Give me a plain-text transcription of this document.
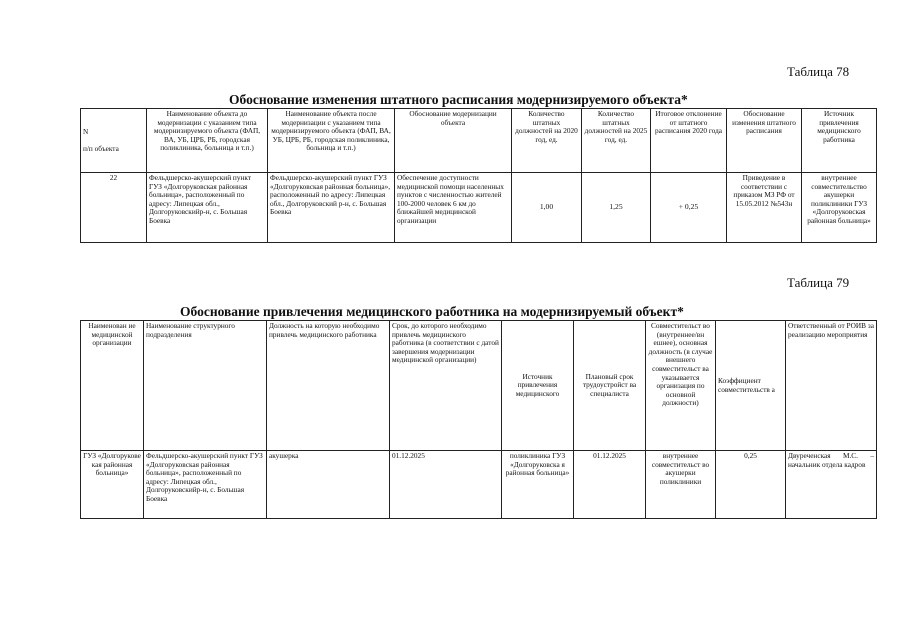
Таблица 78
Обоснование изменения штатного расписания модернизируемого объекта*
N

п/п объекта	Наименование объекта до модернизации с указанием типа модернизируемого объекта (ФАП, ВА, УБ, ЦРБ, РБ, городская поликлиника, больница и т.п.)	Наименование объекта после модернизации с указанием типа модернизируемого объекта (ФАП, ВА, УБ, ЦРБ, РБ, городская поликлиника, больница и т.п.)	Обоснование модернизации объекта	Количество штатных должностей на 2020 год, ед.	Количество штатных должностей на 2025 год, ед.	Итоговое отклонение от штатного расписания 2020 года	Обоснование изменения штатного расписания	Источник привлечения медицинского работника
22	Фельдшерско-акушерский пункт ГУЗ «Долгоруковская районная больница», расположенный по адресу: Липецкая обл., Долгоруковскийр-н, с. Большая Боевка	Фельдшерско-акушерский пункт ГУЗ «Долгоруковская районная больница», расположенный по адресу: Липецкая обл., Долгоруковский р-н, с. Большая Боевка	Обеспечение доступности медицинской помощи населенных пунктов с численностью жителей 100-2000 человек 6 км до ближайшей медицинской организации	1,00	1,25	+ 0,25	Приведение в соответствии с приказом МЗ РФ от 15.05.2012 №543н	внутреннее совместительство акушерки поликлиники ГУЗ «Долгоруковская районная больница»
Таблица 79
Обоснование привлечения медицинского работника на модернизируемый объект*
Наименован ие медицинской организации	Наименование структурного подразделения	Должность на которую необходимо привлечь медицинского работника	Срок, до которого необходимо привлечь медицинского работника (в соответствии с датой завершения модернизации медицинской организации)	Источник привлечения медицинского	Плановый срок трудоустройст ва специалиста	Совместительст во (внутреннее/вн ешнее), основная должность (в случае внешнего совместительст ва указывается организация по основной должности)	Коэффициент совместительств а	Ответственный от РОИВ за реализацию мероприятия
ГУЗ «Долгорукове кая районная больница»	Фельдшерско-акушерский пункт ГУЗ «Долгоруковская районная больница», расположенный по адресу: Липецкая обл., Долгоруковскийр-н, с. Большая Боевка	акушерка	01.12.2025	поликлиника ГУЗ «Долгоруковска я районная больница»	01.12.2025	внутреннее совместительст во акушерки поликлиники	0,25	Двуреченская М.С. – начальник отдела кадров
